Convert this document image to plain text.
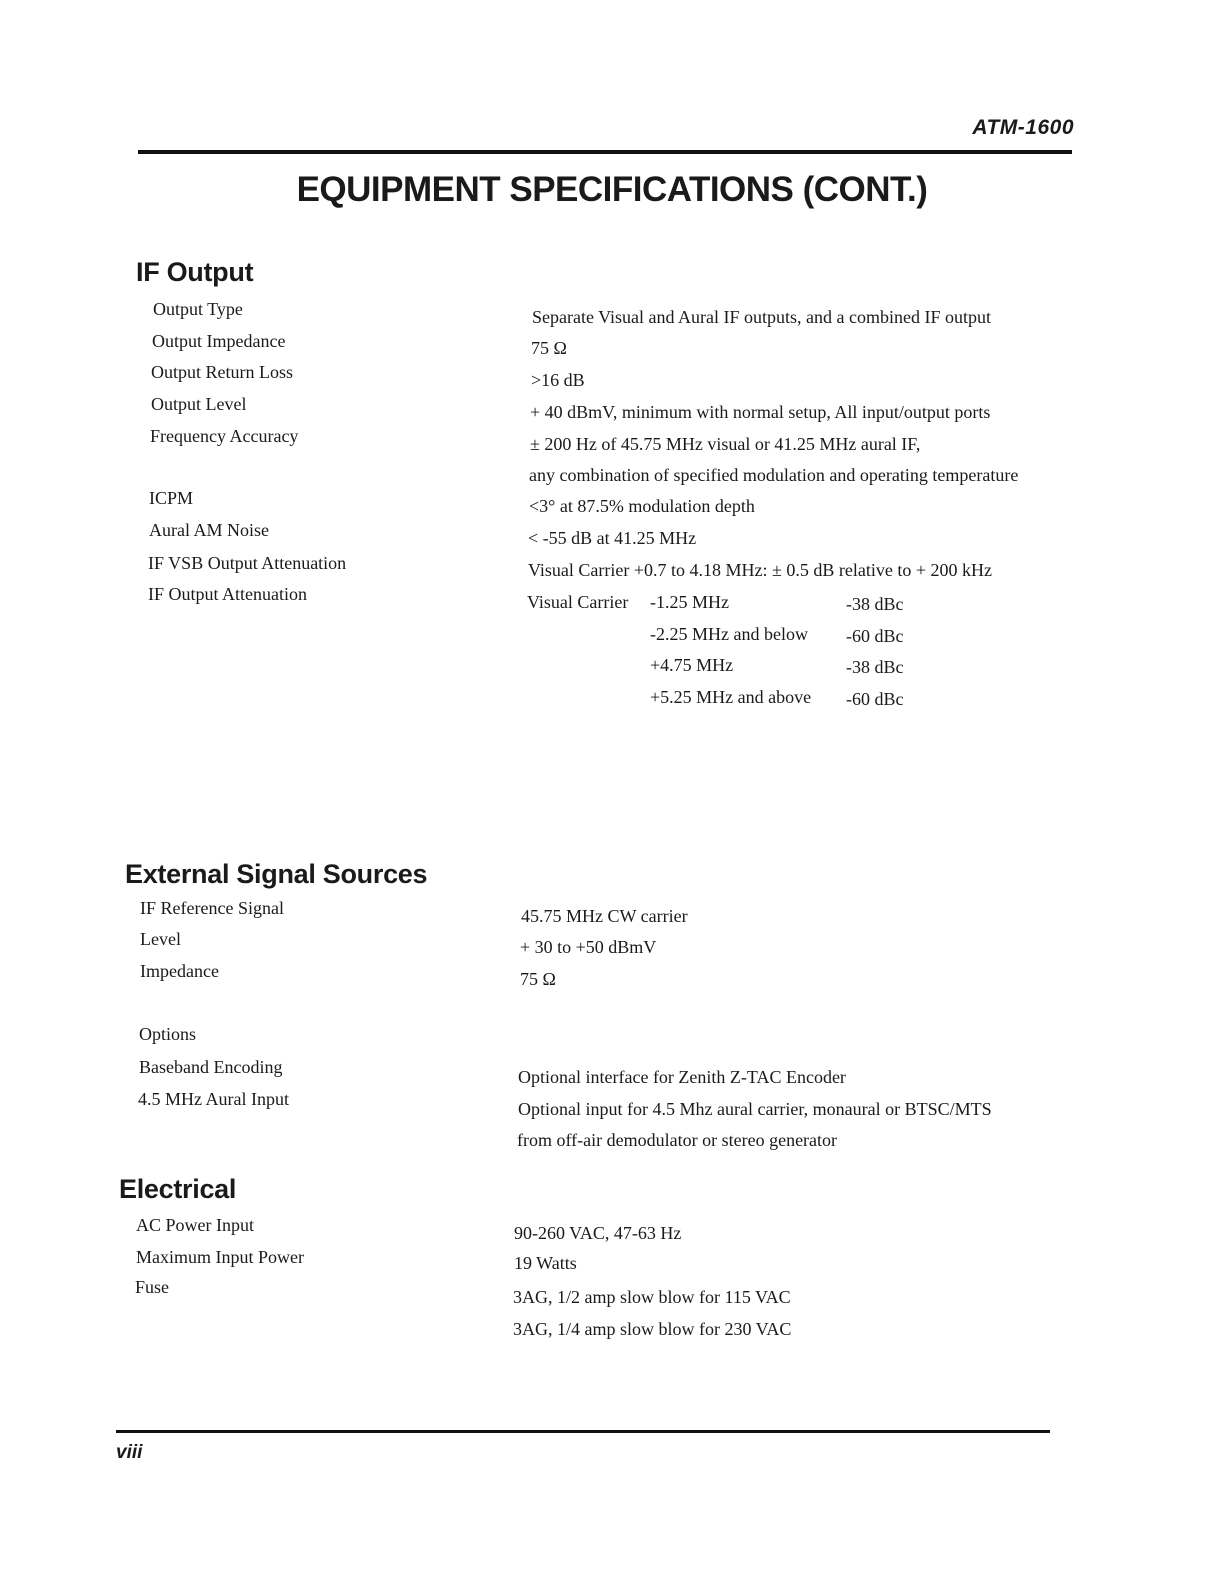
ATM-1600
EQUIPMENT SPECIFICATIONS (CONT.)
IF Output
Output Type
Output Impedance
Output Return Loss
Output Level
Frequency Accuracy
ICPM
Aural AM Noise
IF VSB Output Attenuation
IF Output Attenuation
Separate Visual and Aural IF outputs, and a combined IF output
75 Ω
>16 dB
+ 40 dBmV, minimum with normal setup, All input/output ports
± 200 Hz of 45.75 MHz visual or 41.25 MHz aural IF,
any combination of specified modulation and operating temperature
<3° at 87.5% modulation depth
< -55 dB at 41.25 MHz
Visual Carrier +0.7 to 4.18 MHz: ± 0.5 dB relative to + 200 kHz
Visual Carrier -1.25 MHz	-38 dBc
-2.25 MHz and below -60 dBc
+4.75 MHz	-38 dBc
+5.25 MHz and above -60 dBc
External Signal Sources
IF Reference Signal
Level
Impedance
Options
Baseband Encoding
4.5 MHz Aural Input
45.75 MHz CW carrier
+ 30 to +50 dBmV
75 Ω
Optional interface for Zenith Z-TAC Encoder
Optional input for 4.5 Mhz aural carrier, monaural or BTSC/MTS
from off-air demodulator or stereo generator
Electrical
AC Power Input
Maximum Input Power
Fuse
90-260 VAC, 47-63 Hz
19 Watts
3AG, 1/2 amp slow blow for 115 VAC
3AG, 1/4 amp slow blow for 230 VAC
viii
